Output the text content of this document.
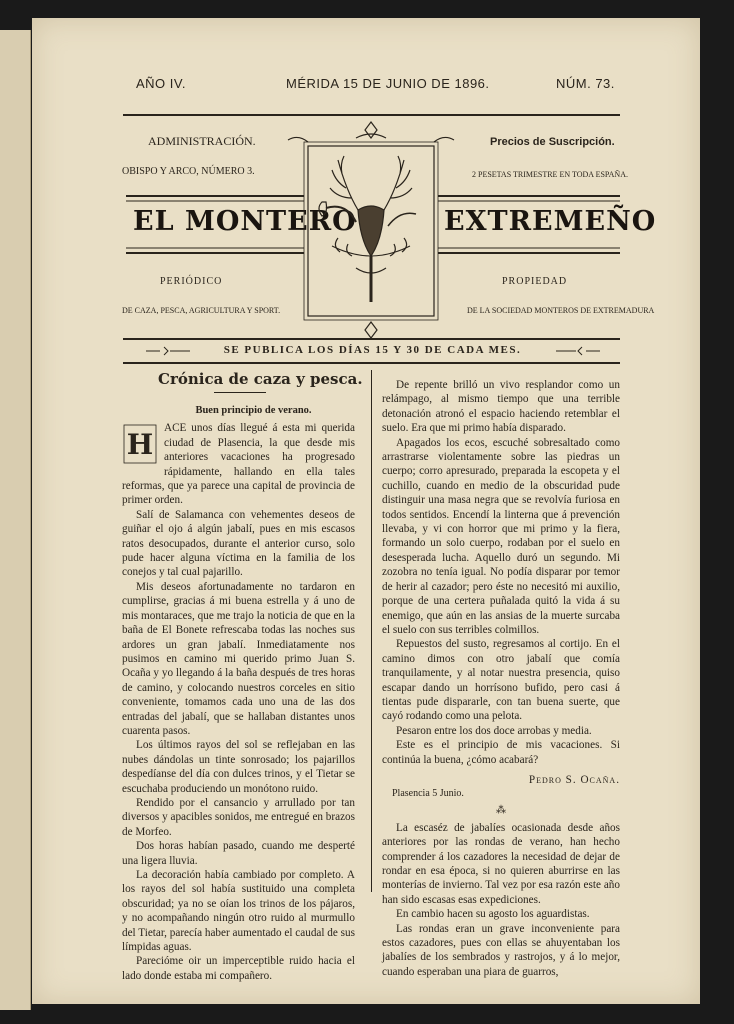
AÑO IV.	MÉRIDA 15 DE JUNIO DE 1896.	NÚM. 73.
ADMINISTRACIÓN.
OBISPO Y ARCO, NÚMERO 3.
Precios de Suscripción.
2 PESETAS TRIMESTRE EN TODA ESPAÑA.
EL MONTERO	EXTREMEÑO
PERIÓDICO
DE CAZA, PESCA, AGRICULTURA Y SPORT.
PROPIEDAD
DE LA SOCIEDAD MONTEROS DE EXTREMADURA
SE PUBLICA LOS DÍAS 15 Y 30 DE CADA MES.
Crónica de caza y pesca.
Buen principio de verano.
H ACE unos días llegué á esta mi querida ciudad de Plasencia, la que desde mis anteriores vacaciones ha progresado rápidamente, hallando en ella tales reformas, que ya parece una capital de provincia de primer orden.

Salí de Salamanca con vehementes deseos de guiñar el ojo á algún jabalí, pues en mis escasos ratos desocupados, durante el anterior curso, solo pude hacer alguna víctima en la familia de los conejos y tal cual pajarillo.

Mis deseos afortunadamente no tardaron en cumplirse, gracias á mi buena estrella y á uno de mis montaraces, que me trajo la noticia de que en la baña de El Bonete refrescaba todas las noches sus ardores un gran jabalí. Inmediatamente nos pusimos en camino mi querido primo Juan S. Ocaña y yo llegando á la baña después de tres horas de camino, y colocando nuestros corceles en sitio conveniente, tomamos cada uno una de las dos entradas del jabalí, que se hallaban distantes unos cuarenta pasos.

Los últimos rayos del sol se reflejaban en las nubes dándolas un tinte sonrosado; los pajarillos despedíanse del día con dulces trinos, y el Tietar se escuchaba produciendo un monótono ruido.

Rendido por el cansancio y arrullado por tan diversos y apacibles sonidos, me entregué en brazos de Morfeo.

Dos horas habían pasado, cuando me desperté una ligera lluvia.

La decoración había cambiado por completo. A los rayos del sol había sustituido una completa obscuridad; ya no se oían los trinos de los pájaros, y no acompañando ningún otro ruido al murmullo del Tietar, parecía haber aumentado el caudal de sus límpidas aguas.

Parecióme oir un imperceptible ruido hacia el lado donde estaba mi compañero.

De repente brilló un vivo resplandor como un relámpago, al mismo tiempo que una terrible detonación atronó el espacio haciendo retemblar el suelo. Era que mi primo había disparado.

Apagados los ecos, escuché sobresaltado como arrastrarse violentamente sobre las piedras un cuerpo; corro apresurado, preparada la escopeta y el cuchillo, cuando en medio de la obscuridad pude distinguir una masa negra que se revolvía furiosa en todos sentidos. Encendí la linterna que á prevención llevaba, y vi con horror que mi primo y la fiera, formando un solo cuerpo, rodaban por el suelo en desesperada lucha. Aquello duró un segundo. Mi zozobra no tenía igual. No podía disparar por temor de herir al cazador; pero éste no necesitó mi auxilio, porque de una certera puñalada quitó la vida á su enemigo, que aún en las ansias de la muerte surcaba el suelo con sus terribles colmillos.

Repuestos del susto, regresamos al cortijo. En el camino dimos con otro jabalí que comía tranquilamente, y al notar nuestra presencia, quiso escapar dando un horrísono bufido, pero casi á tientas pude dispararle, con tan buena suerte, que cayó rodando como una pelota.

Pesaron entre los dos doce arrobas y media.

Este es el principio de mis vacaciones. Si continúa la buena, ¿cómo acabará?

Pedro S. Ocaña.
Plasencia 5 Junio.
⁂

La escaséz de jabalíes ocasionada desde años anteriores por las rondas de verano, han hecho comprender á los cazadores la necesidad de dejar de rondar en esa época, si no quieren aburrirse en las monterías de invierno. Tal vez por esa razón este año han sido escasas esas expediciones.

En cambio hacen su agosto los aguardistas.

Las rondas eran un grave inconveniente para estos cazadores, pues con ellas se ahuyentaban los jabalíes de los sembrados y rastrojos, y á lo mejor, cuando esperaban una piara de guarros,
